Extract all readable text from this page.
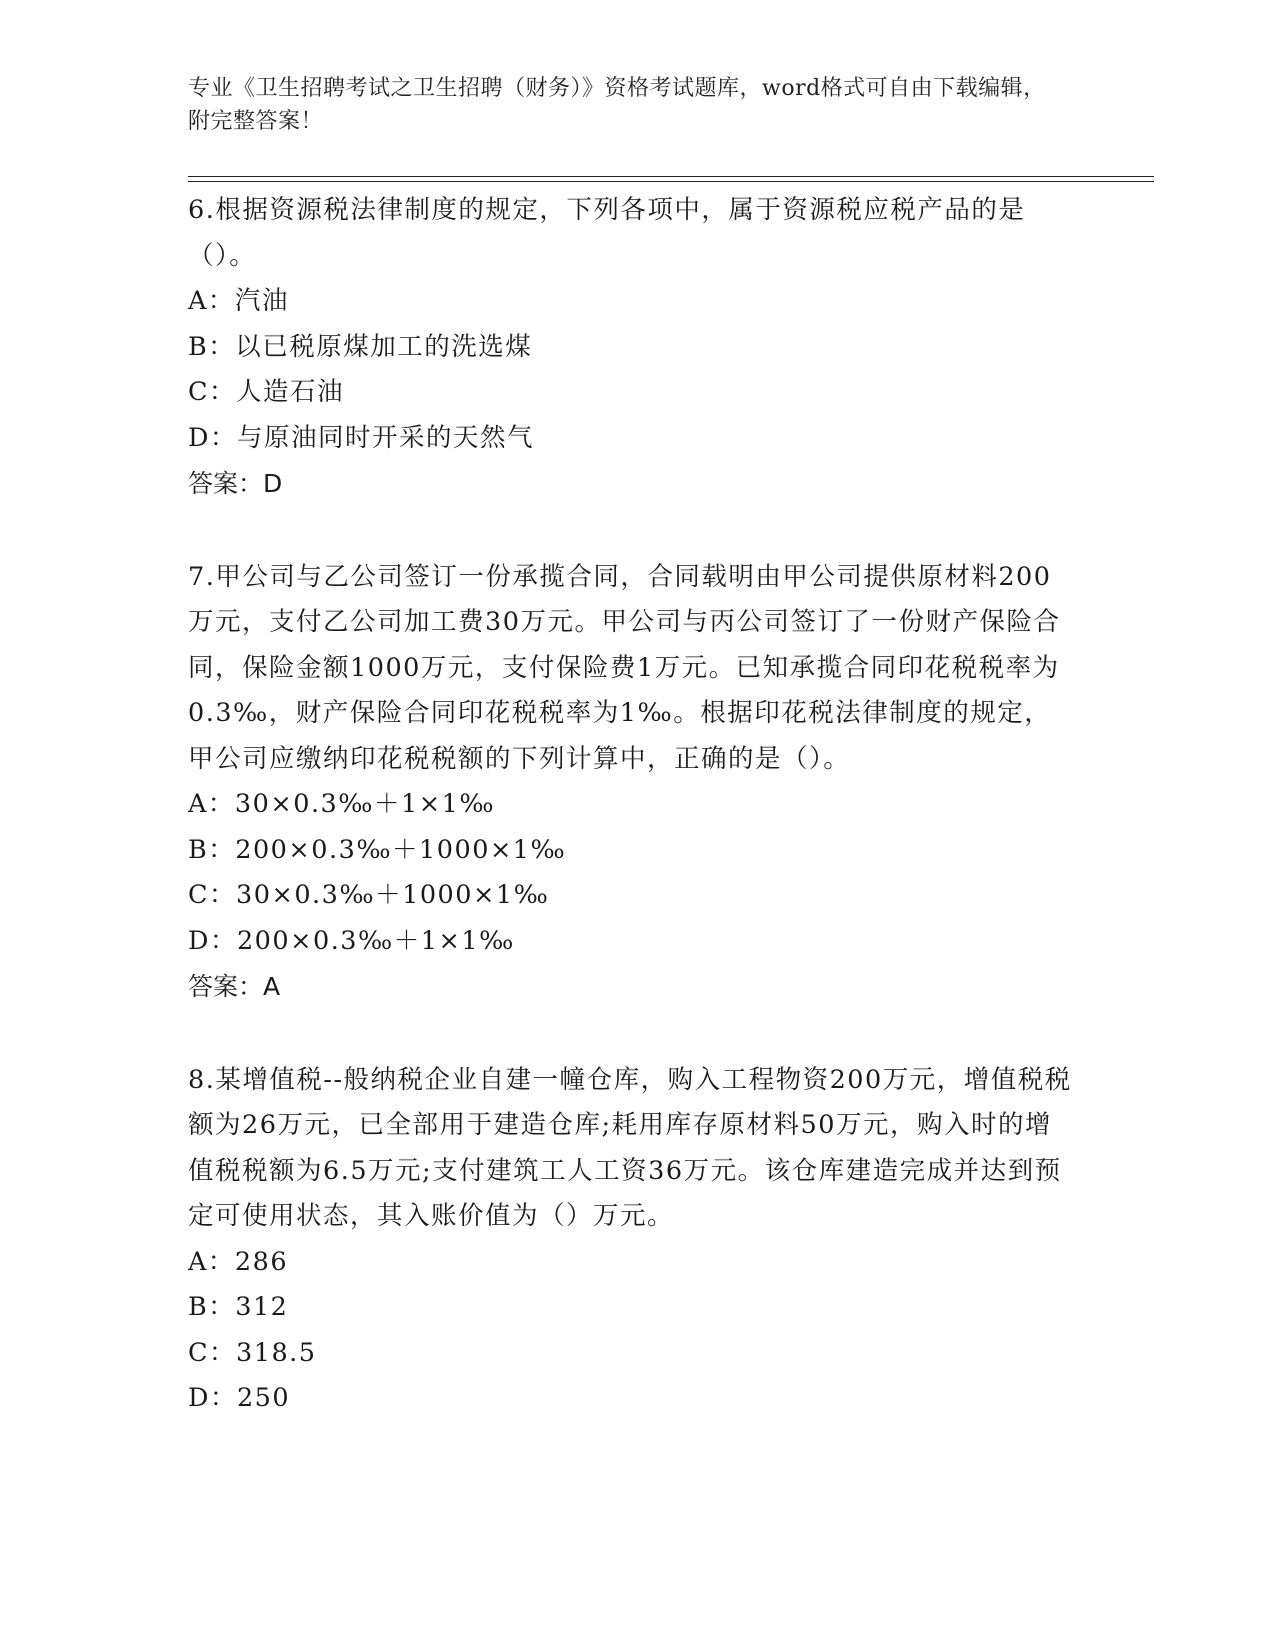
专业《卫生招聘考试之卫生招聘（财务）》资格考试题库，word格式可自由下载编辑，附完整答案！

6.根据资源税法律制度的规定，下列各项中，属于资源税应税产品的是（）。

A：汽油

B：以已税原煤加工的洗选煤

C：人造石油

D：与原油同时开采的天然气

答案：D

7.甲公司与乙公司签订一份承揽合同，合同载明由甲公司提供原材料200万元，支付乙公司加工费30万元。甲公司与丙公司签订了一份财产保险合同，保险金额1000万元，支付保险费1万元。已知承揽合同印花税税率为0.3‰，财产保险合同印花税税率为1‰。根据印花税法律制度的规定，甲公司应缴纳印花税税额的下列计算中，正确的是（）。

A：30×0.3‰＋1×1‰

B：200×0.3‰＋1000×1‰

C：30×0.3‰＋1000×1‰

D：200×0.3‰＋1×1‰

答案：A

8.某增值税--般纳税企业自建一幢仓库，购入工程物资200万元，增值税税额为26万元，已全部用于建造仓库;耗用库存原材料50万元，购入时的增值税税额为6.5万元;支付建筑工人工资36万元。该仓库建造完成并达到预定可使用状态，其入账价值为（）万元。

A：286

B：312

C：318.5

D：250
